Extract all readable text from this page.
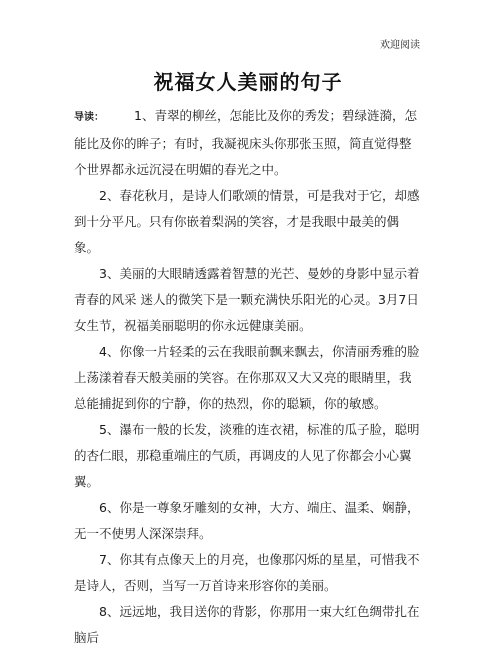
欢迎阅读
祝福女人美丽的句子

导读： 1、青翠的柳丝，怎能比及你的秀发；碧绿涟漪，怎能比及你的眸子；有时，我凝视床头你那张玉照，简直觉得整个世界都永远沉浸在明媚的春光之中。

2、春花秋月，是诗人们歌颂的情景，可是我对于它，却感到十分平凡。只有你嵌着梨涡的笑容，才是我眼中最美的偶象。

3、美丽的大眼睛透露着智慧的光芒、曼妙的身影中显示着青春的风采 迷人的微笑下是一颗充满快乐阳光的心灵。3月7日女生节，祝福美丽聪明的你永远健康美丽。

4、你像一片轻柔的云在我眼前飘来飘去，你清丽秀雅的脸上荡漾着春天般美丽的笑容。在你那双又大又亮的眼睛里，我总能捕捉到你的宁静，你的热烈，你的聪颖，你的敏感。

5、瀑布一般的长发，淡雅的连衣裙，标准的瓜子脸，聪明的杏仁眼，那稳重端庄的气质，再调皮的人见了你都会小心翼翼。

6、你是一尊象牙雕刻的女神，大方、端庄、温柔、娴静，无一不使男人深深崇拜。

7、你其有点像天上的月亮，也像那闪烁的星星，可惜我不是诗人，否则，当写一万首诗来形容你的美丽。

8、远远地，我目送你的背影，你那用一束大红色绸带扎在脑后
